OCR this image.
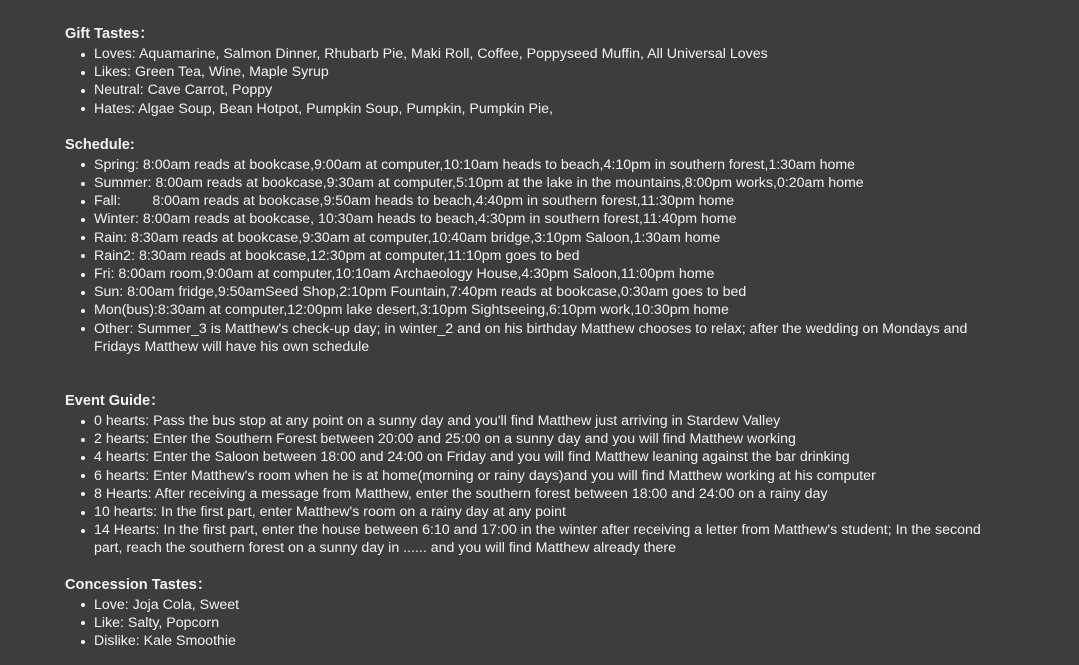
Gift Tastes：
Loves: Aquamarine, Salmon Dinner, Rhubarb Pie, Maki Roll, Coffee, Poppyseed Muffin, All Universal Loves
Likes: Green Tea, Wine, Maple Syrup
Neutral: Cave Carrot, Poppy
Hates: Algae Soup, Bean Hotpot, Pumpkin Soup, Pumpkin, Pumpkin Pie,
Schedule:
Spring: 8:00am reads at bookcase,9:00am at computer,10:10am heads to beach,4:10pm in southern forest,1:30am home
Summer: 8:00am reads at bookcase,9:30am at computer,5:10pm at the lake in the mountains,8:00pm works,0:20am home
Fall:        8:00am reads at bookcase,9:50am heads to beach,4:40pm in southern forest,11:30pm home
Winter: 8:00am reads at bookcase, 10:30am heads to beach,4:30pm in southern forest,11:40pm home
Rain: 8:30am reads at bookcase,9:30am at computer,10:40am bridge,3:10pm Saloon,1:30am home
Rain2: 8:30am reads at bookcase,12:30pm at computer,11:10pm goes to bed
Fri: 8:00am room,9:00am at computer,10:10am Archaeology House,4:30pm Saloon,11:00pm home
Sun: 8:00am fridge,9:50amSeed Shop,2:10pm Fountain,7:40pm reads at bookcase,0:30am goes to bed
Mon(bus):8:30am at computer,12:00pm lake desert,3:10pm Sightseeing,6:10pm work,10:30pm home
Other: Summer_3 is Matthew's check-up day; in winter_2 and on his birthday Matthew chooses to relax; after the wedding on Mondays and Fridays Matthew will have his own schedule
Event Guide：
0 hearts: Pass the bus stop at any point on a sunny day and you'll find Matthew just arriving in Stardew Valley
2 hearts: Enter the Southern Forest between 20:00 and 25:00 on a sunny day and you will find Matthew working
4 hearts: Enter the Saloon between 18:00 and 24:00 on Friday and you will find Matthew leaning against the bar drinking
6 hearts: Enter Matthew's room when he is at home(morning or rainy days)and you will find Matthew working at his computer
8 Hearts: After receiving a message from Matthew, enter the southern forest between 18:00 and 24:00 on a rainy day
10 hearts: In the first part, enter Matthew's room on a rainy day at any point
14 Hearts: In the first part, enter the house between 6:10 and 17:00 in the winter after receiving a letter from Matthew's student; In the second part, reach the southern forest on a sunny day in ...... and you will find Matthew already there
Concession Tastes：
Love: Joja Cola, Sweet
Like: Salty, Popcorn
Dislike: Kale Smoothie
